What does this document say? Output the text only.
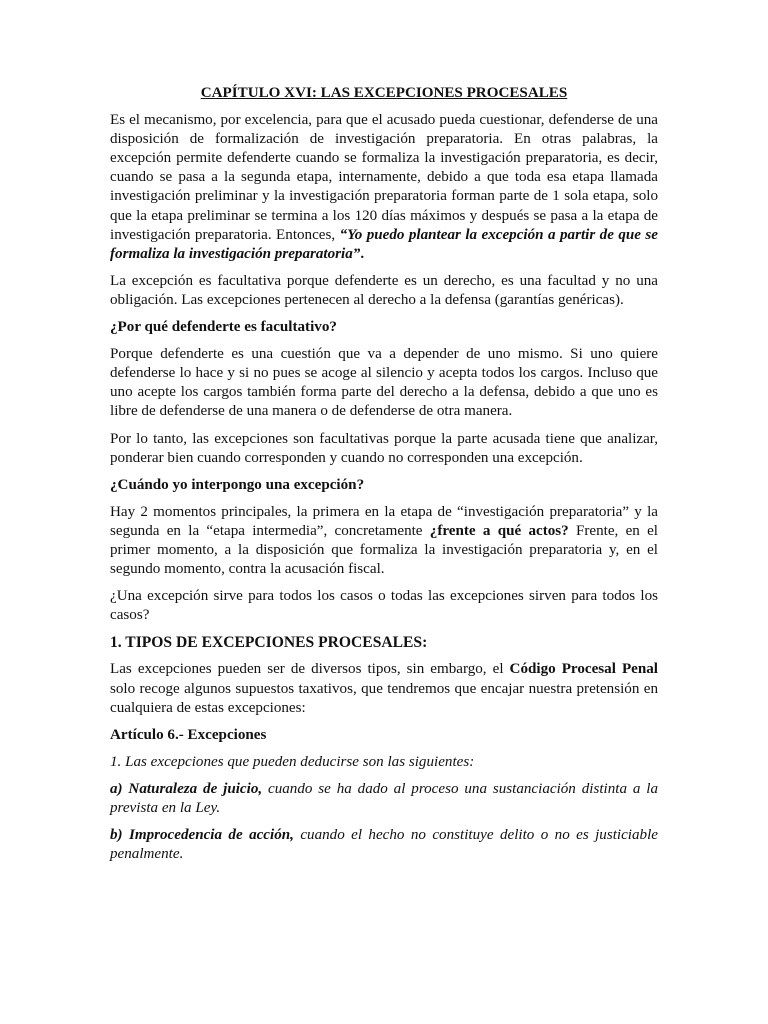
CAPÍTULO XVI: LAS EXCEPCIONES PROCESALES

Es el mecanismo, por excelencia, para que el acusado pueda cuestionar, defenderse de una disposición de formalización de investigación preparatoria. En otras palabras, la excepción permite defenderte cuando se formaliza la investigación preparatoria, es decir, cuando se pasa a la segunda etapa, internamente, debido a que toda esa etapa llamada investigación preliminar y la investigación preparatoria forman parte de 1 sola etapa, solo que la etapa preliminar se termina a los 120 días máximos y después se pasa a la etapa de investigación preparatoria. Entonces, “Yo puedo plantear la excepción a partir de que se formaliza la investigación preparatoria”.

La excepción es facultativa porque defenderte es un derecho, es una facultad y no una obligación. Las excepciones pertenecen al derecho a la defensa (garantías genéricas).

¿Por qué defenderte es facultativo?

Porque defenderte es una cuestión que va a depender de uno mismo. Si uno quiere defenderse lo hace y si no pues se acoge al silencio y acepta todos los cargos. Incluso que uno acepte los cargos también forma parte del derecho a la defensa, debido a que uno es libre de defenderse de una manera o de defenderse de otra manera.

Por lo tanto, las excepciones son facultativas porque la parte acusada tiene que analizar, ponderar bien cuando corresponden y cuando no corresponden una excepción.

¿Cuándo yo interpongo una excepción?

Hay 2 momentos principales, la primera en la etapa de “investigación preparatoria” y la segunda en la “etapa intermedia”, concretamente ¿frente a qué actos? Frente, en el primer momento, a la disposición que formaliza la investigación preparatoria y, en el segundo momento, contra la acusación fiscal.

¿Una excepción sirve para todos los casos o todas las excepciones sirven para todos los casos?

1. TIPOS DE EXCEPCIONES PROCESALES:

Las excepciones pueden ser de diversos tipos, sin embargo, el Código Procesal Penal solo recoge algunos supuestos taxativos, que tendremos que encajar nuestra pretensión en cualquiera de estas excepciones:

Artículo 6.- Excepciones

1. Las excepciones que pueden deducirse son las siguientes:

a) Naturaleza de juicio, cuando se ha dado al proceso una sustanciación distinta a la prevista en la Ley.

b) Improcedencia de acción, cuando el hecho no constituye delito o no es justiciable penalmente.
